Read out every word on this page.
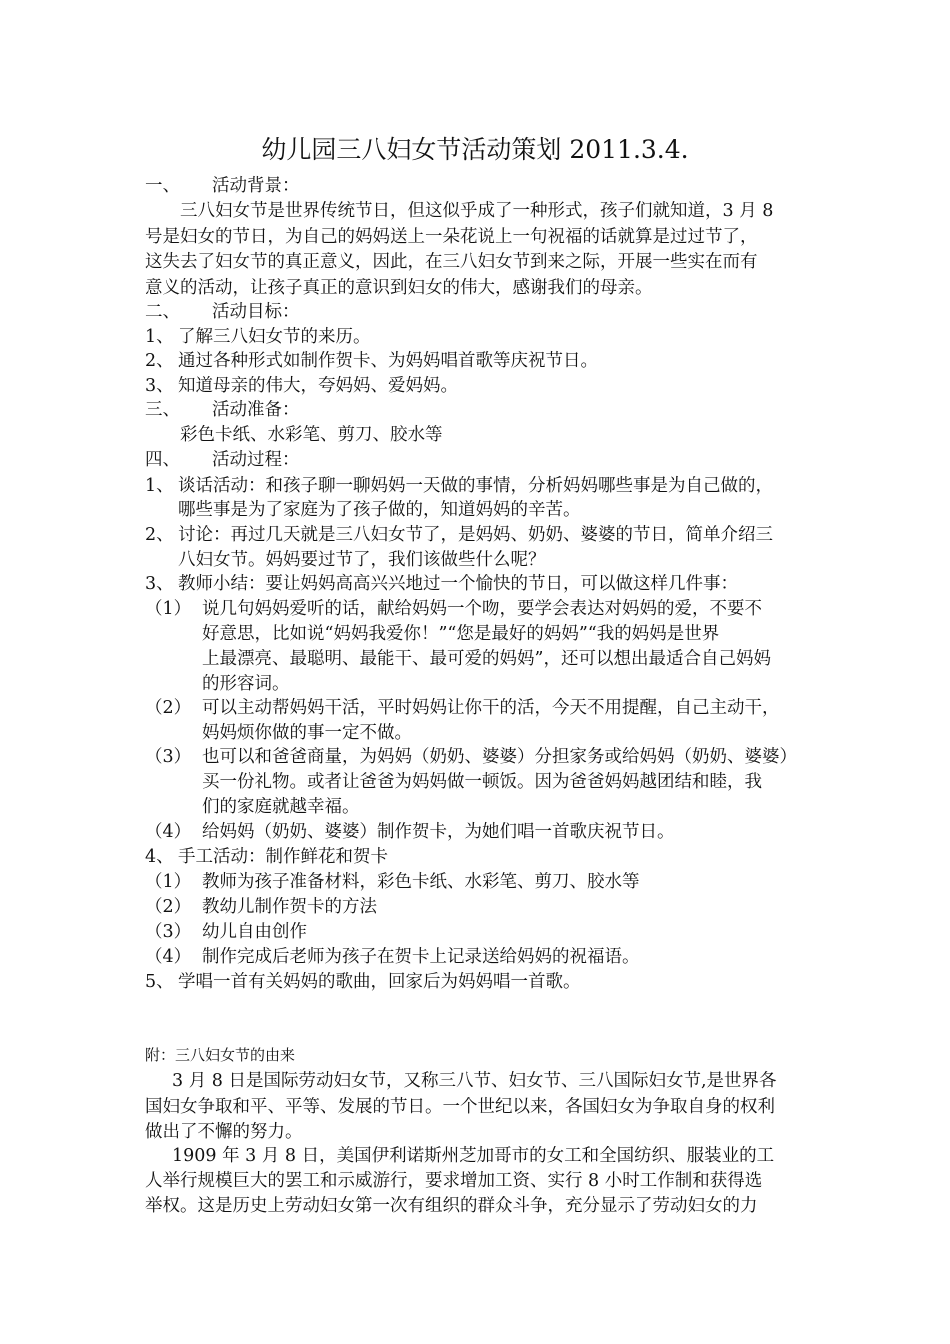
幼儿园三八妇女节活动策划 2011.3.4.
一、 活动背景：
三八妇女节是世界传统节日，但这似乎成了一种形式，孩子们就知道，3 月 8
号是妇女的节日，为自己的妈妈送上一朵花说上一句祝福的话就算是过过节了，
这失去了妇女节的真正意义，因此，在三八妇女节到来之际，开展一些实在而有
意义的活动，让孩子真正的意识到妇女的伟大，感谢我们的母亲。
二、 活动目标：
1、 了解三八妇女节的来历。
2、 通过各种形式如制作贺卡、为妈妈唱首歌等庆祝节日。
3、 知道母亲的伟大，夸妈妈、爱妈妈。
三、 活动准备：
彩色卡纸、水彩笔、剪刀、胶水等
四、 活动过程：
1、 谈话活动：和孩子聊一聊妈妈一天做的事情，分析妈妈哪些事是为自己做的，
哪些事是为了家庭为了孩子做的，知道妈妈的辛苦。
2、 讨论：再过几天就是三八妇女节了，是妈妈、奶奶、婆婆的节日，简单介绍三
八妇女节。妈妈要过节了，我们该做些什么呢？
3、 教师小结：要让妈妈高高兴兴地过一个愉快的节日，可以做这样几件事：
（1） 说几句妈妈爱听的话，献给妈妈一个吻，要学会表达对妈妈的爱，不要不
好意思，比如说“妈妈我爱你！”“您是最好的妈妈”“我的妈妈是世界
上最漂亮、最聪明、最能干、最可爱的妈妈”，还可以想出最适合自己妈妈
的形容词。
（2） 可以主动帮妈妈干活，平时妈妈让你干的活，今天不用提醒，自己主动干，
妈妈烦你做的事一定不做。
（3） 也可以和爸爸商量，为妈妈（奶奶、婆婆）分担家务或给妈妈（奶奶、婆婆）
买一份礼物。或者让爸爸为妈妈做一顿饭。因为爸爸妈妈越团结和睦，我
们的家庭就越幸福。
（4） 给妈妈（奶奶、婆婆）制作贺卡，为她们唱一首歌庆祝节日。
4、 手工活动：制作鲜花和贺卡
（1） 教师为孩子准备材料，彩色卡纸、水彩笔、剪刀、胶水等
（2） 教幼儿制作贺卡的方法
（3） 幼儿自由创作
（4） 制作完成后老师为孩子在贺卡上记录送给妈妈的祝福语。
5、 学唱一首有关妈妈的歌曲，回家后为妈妈唱一首歌。
附：三八妇女节的由来
3 月 8 日是国际劳动妇女节，又称三八节、妇女节、三八国际妇女节,是世界各
国妇女争取和平、平等、发展的节日。一个世纪以来，各国妇女为争取自身的权利
做出了不懈的努力。
1909 年 3 月 8 日，美国伊利诺斯州芝加哥市的女工和全国纺织、服装业的工
人举行规模巨大的罢工和示威游行，要求增加工资、实行 8 小时工作制和获得选
举权。这是历史上劳动妇女第一次有组织的群众斗争，充分显示了劳动妇女的力
